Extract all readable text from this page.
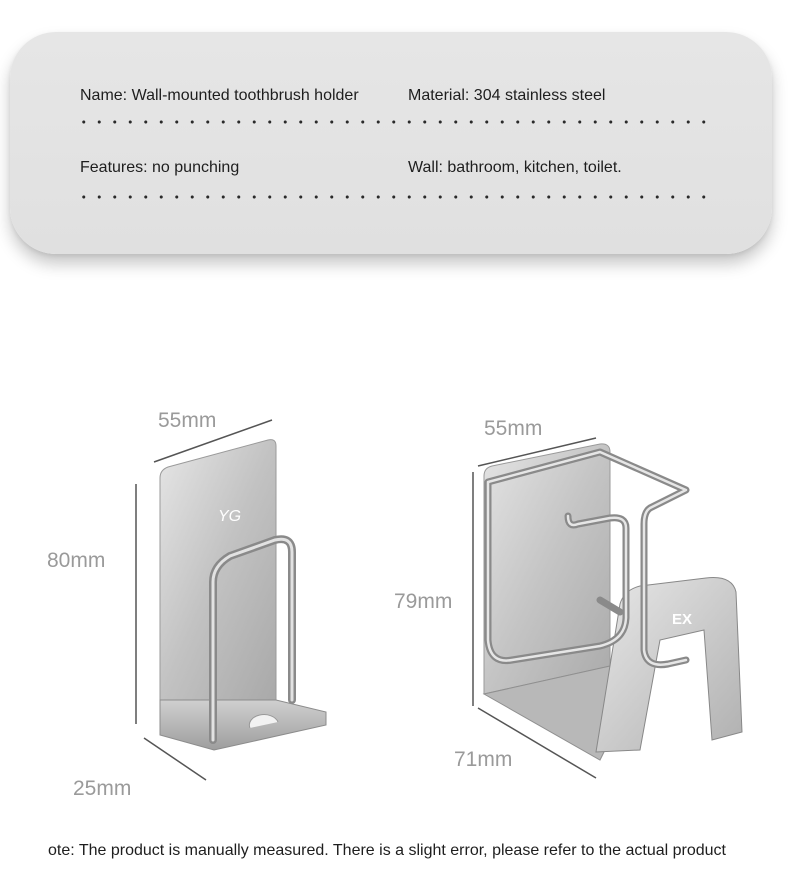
Name: Wall-mounted toothbrush holder	Material: 304 stainless steel
Features: no punching	Wall: bathroom, kitchen, toilet.
YG
55mm
80mm
25mm
EX
55mm
79mm
71mm
ote: The product is manually measured. There is a slight error, please refer to the actual product
